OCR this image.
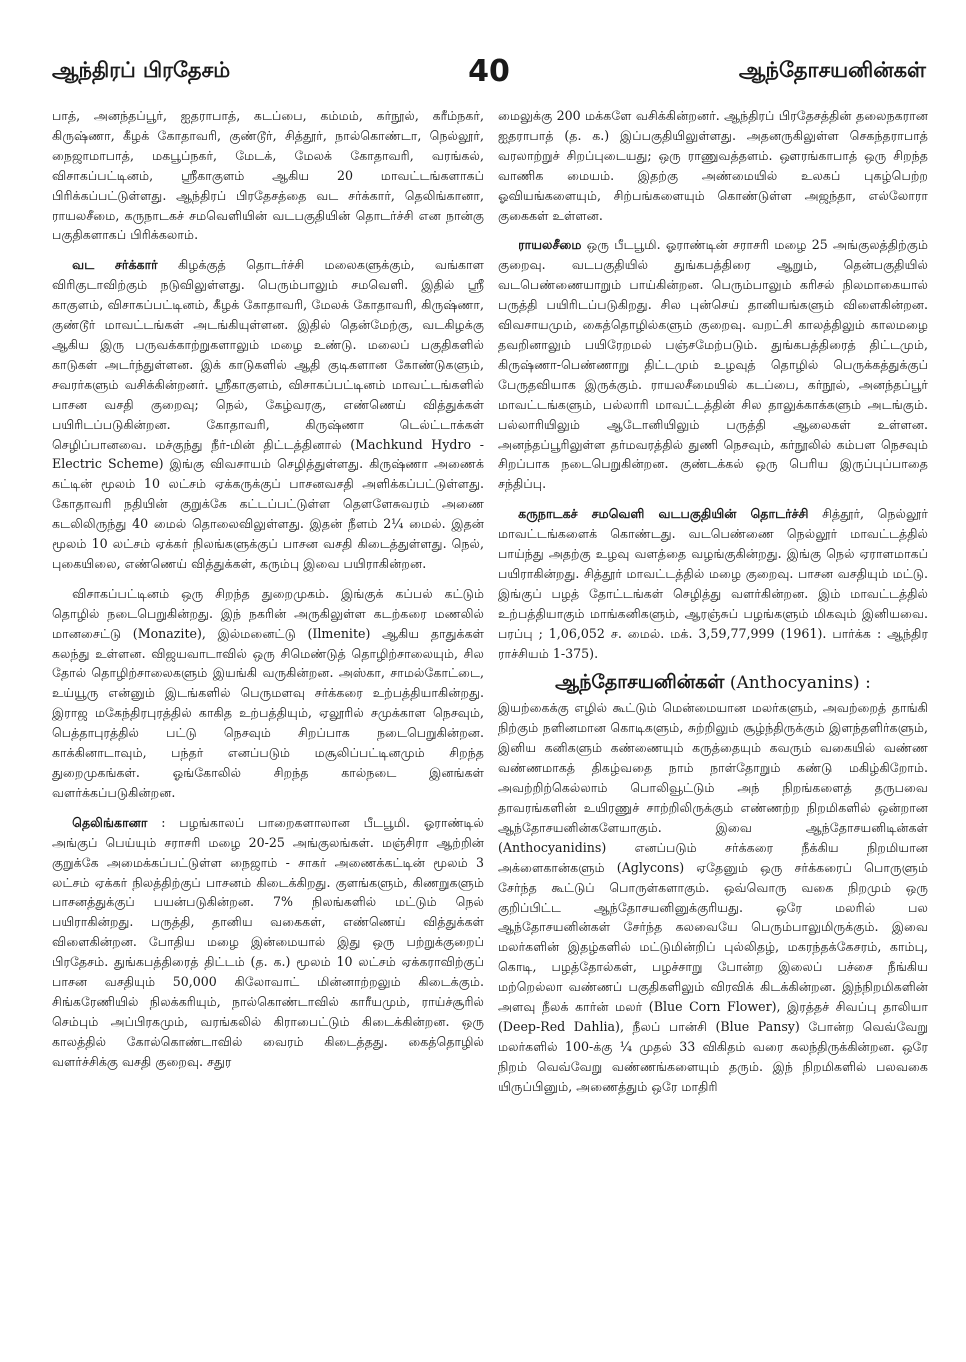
ஆந்திரப் பிரதேசம்	40	ஆந்தோசயனின்கள்

பாத், அனந்தப்பூர், ஐதராபாத், கடப்பை, கம்மம், கர்நூல், கரீம்நகர், கிருஷ்ணா, கீழக் கோதாவரி, குண்டூர், சித்தூர், நால்கொண்டா, நெல்லூர், நைஜாமாபாத், மகபூப்நகர், மேடக், மேலக் கோதாவரி, வரங்கல், விசாகப்பட்டினம், ஸ்ரீகாகுளம் ஆகிய 20 மாவட்டங்களாகப் பிரிக்கப்பட்டுள்ளது. ஆந்திரப் பிரதேசத்தை வட சர்க்கார், தெலிங்கானா, ராயலசீமை, கருநாடகச் சமவெளியின் வடபகுதியின் தொடர்ச்சி என நான்கு பகுதிகளாகப் பிரிக்கலாம்.

வட சர்க்கார் கிழக்குத் தொடர்ச்சி மலைகளுக்கும், வங்காள விரிகுடாவிற்கும் நடுவிலுள்ளது. பெரும்பாலும் சமவெளி. இதில் ஸ்ரீ காகுளம், விசாகப்பட்டினம், கீழக் கோதாவரி, மேலக் கோதாவரி, கிருஷ்ணா, குண்டூர் மாவட்டங்கள் அடங்கியுள்ளன. இதில் தென்மேற்கு, வடகிழக்கு ஆகிய இரு பருவக்காற்றுகளாலும் மழை உண்டு. மலைப் பகுதிகளில் காடுகள் அடர்ந்துள்ளன. இக் காடுகளில் ஆதி குடிகளான கோண்டுகளும், சவரர்களும் வசிக்கின்றனர். ஸ்ரீகாகுளம், விசாகப்பட்டினம் மாவட்டங்களில் பாசன வசதி குறைவு; நெல், கேழ்வரகு, எண்ணெய் வித்துக்கள் பயிரிடப்படுகின்றன. கோதாவரி, கிருஷ்ணா டெல்ட்டாக்கள் செழிப்பானவை. மச்குந்து நீர்-மின் திட்டத்தினால் (Machkund Hydro - Electric Scheme) இங்கு விவசாயம் செழித்துள்ளது. கிருஷ்ணா அணைக் கட்டின் மூலம் 10 லட்சம் ஏக்கருக்குப் பாசனவசதி அளிக்கப்பட்டுள்ளது. கோதாவரி நதியின் குறுக்கே கட்டப்பட்டுள்ள தௌளேசுவரம் அணை கடலிலிருந்து 40 மைல் தொலைவிலுள்ளது. இதன் நீளம் 2¼ மைல். இதன் மூலம் 10 லட்சம் ஏக்கர் நிலங்களுக்குப் பாசன வசதி கிடைத்துள்ளது. நெல், புகையிலை, எண்ணெய் வித்துக்கள், கரும்பு இவை பயிராகின்றன.

விசாகப்பட்டினம் ஒரு சிறந்த துறைமுகம். இங்குக் கப்பல் கட்டும் தொழில் நடைபெறுகின்றது. இந் நகரின் அருகிலுள்ள கடற்கரை மணலில் மானசைட்டு (Monazite), இல்மனைட்டு (Ilmenite) ஆகிய தாதுக்கள் கலந்து உள்ளன. விஜயவாடாவில் ஒரு சிமெண்டுத் தொழிற்சாலையும், சில தோல் தொழிற்சாலைகளும் இயங்கி வருகின்றன. அஸ்கா, சாமல்கோட்டை, உய்யூரு என்னும் இடங்களில் பெருமளவு சர்க்கரை உற்பத்தியாகின்றது. இராஜ மகேந்திரபுரத்தில் காகித உற்பத்தியும், ஏலூரில் சமுக்காள நெசவும், பெத்தாபுரத்தில் பட்டு நெசவும் சிறப்பாக நடைபெறுகின்றன. காக்கினாடாவும், பந்தர் எனப்படும் மசூலிப்பட்டினமும் சிறந்த துறைமுகங்கள். ஓங்கோலில் சிறந்த கால்நடை இனங்கள் வளர்க்கப்படுகின்றன.

தெலிங்கானா : பழங்காலப் பாறைகளாலான பீடபூமி. ஓராண்டில் அங்குப் பெய்யும் சராசரி மழை 20-25 அங்குலங்கள். மஞ்சிரா ஆற்றின் குறுக்கே அமைக்கப்பட்டுள்ள நைஜாம் - சாகர் அணைக்கட்டின் மூலம் 3 லட்சம் ஏக்கர் நிலத்திற்குப் பாசனம் கிடைக்கிறது. குளங்களும், கிணறுகளும் பாசனத்துக்குப் பயன்படுகின்றன. 7% நிலங்களில் மட்டும் நெல் பயிராகின்றது. பருத்தி, தானிய வகைகள், எண்ணெய் வித்துக்கள் விளைகின்றன. போதிய மழை இன்மையால் இது ஒரு பற்றுக்குறைப் பிரதேசம். துங்கபத்திரைத் திட்டம் (த. க.) மூலம் 10 லட்சம் ஏக்கராவிற்குப் பாசன வசதியும் 50,000 கிலோவாட் மின்னாற்றலும் கிடைக்கும். சிங்கரேணியில் நிலக்கரியும், நால்கொண்டாவில் காரீயமும், ராய்ச்சூரில் செம்பும் அப்பிரகமும், வரங்கலில் கிராபைட்டும் கிடைக்கின்றன. ஒரு காலத்தில் கோல்கொண்டாவில் வைரம் கிடைத்தது. கைத்தொழில் வளர்ச்சிக்கு வசதி குறைவு. சதுர

மைலுக்கு 200 மக்களே வசிக்கின்றனர். ஆந்திரப் பிரதேசத்தின் தலைநகரான ஐதராபாத் (த. க.) இப்பகுதியிலுள்ளது. அதனருகிலுள்ள செகந்தராபாத் வரலாற்றுச் சிறப்புடையது; ஒரு ராணுவத்தளம். ஔரங்காபாத் ஒரு சிறந்த வாணிக மையம். இதற்கு அண்மையில் உலகப் புகழ்பெற்ற ஓவியங்களையும், சிற்பங்களையும் கொண்டுள்ள அஜந்தா, எல்லோரா குகைகள் உள்ளன.

ராயலசீமை ஒரு பீடபூமி. ஓராண்டின் சராசரி மழை 25 அங்குலத்திற்கும் குறைவு. வடபகுதியில் துங்கபத்திரை ஆறும், தென்பகுதியில் வடபெண்ணையாறும் பாய்கின்றன. பெரும்பாலும் கரிசல் நிலமாகையால் பருத்தி பயிரிடப்படுகிறது. சில புன்செய் தானியங்களும் விளைகின்றன. விவசாயமும், கைத்தொழில்களும் குறைவு. வறட்சி காலத்திலும் காலமழை தவறினாலும் பயிரேறமல் பஞ்சமேற்படும். துங்கபத்திரைத் திட்டமும், கிருஷ்ணா-பெண்ணாறு திட்டமும் உழவுத் தொழில் பெருக்கத்துக்குப் பேருதவியாக இருக்கும். ராயலசீமையில் கடப்பை, கர்நூல், அனந்தப்பூர் மாவட்டங்களும், பல்லாரி மாவட்டத்தின் சில தாலுக்காக்களும் அடங்கும். பல்லாரியிலும் ஆடோனியிலும் பருத்தி ஆலைகள் உள்ளன. அனந்தப்பூரிலுள்ள தர்மவரத்தில் துணி நெசவும், கர்நூலில் கம்பள நெசவும் சிறப்பாக நடைபெறுகின்றன. குண்டக்கல் ஒரு பெரிய இருப்புப்பாதை சந்திப்பு.

கருநாடகச் சமவெளி வடபகுதியின் தொடர்ச்சி சித்தூர், நெல்லூர் மாவட்டங்களைக் கொண்டது. வடபெண்ணை நெல்லூர் மாவட்டத்தில் பாய்ந்து அதற்கு உழவு வளத்தை வழங்குகின்றது. இங்கு நெல் ஏராளமாகப் பயிராகின்றது. சித்தூர் மாவட்டத்தில் மழை குறைவு. பாசன வசதியும் மட்டு. இங்குப் பழத் தோட்டங்கள் செழித்து வளர்கின்றன. இம் மாவட்டத்தில் உற்பத்தியாகும் மாங்கனிகளும், ஆரஞ்சுப் பழங்களும் மிகவும் இனியவை. பரப்பு ; 1,06,052 ச. மைல். மக். 3,59,77,999 (1961). பார்க்க : ஆந்திர ராச்சியம் 1-375).

ஆந்தோசயனின்கள் (Anthocyanins) :

இயற்கைக்கு எழில் கூட்டும் மென்மையான மலர்களும், அவற்றைத் தாங்கி நிற்கும் நளினமான கொடிகளும், சுற்றிலும் சூழ்ந்திருக்கும் இளந்தளிர்களும், இனிய கனிகளும் கண்ணையும் கருத்தையும் கவரும் வகையில் வண்ண வண்ணமாகத் திகழ்வதை நாம் நாள்தோறும் கண்டு மகிழ்கிறோம். அவற்றிற்கெல்லாம் பொலிவூட்டும் அந் நிறங்களைத் தருபவை தாவரங்களின் உயிரணுச் சாற்றிலிருக்கும் எண்ணற்ற நிறமிகளில் ஒன்றான ஆந்தோசயனின்களேயாகும். இவை ஆந்தோசயனிடின்கள் (Anthocyanidins) எனப்படும் சர்க்கரை நீக்கிய நிறமியான அக்ளைகான்களும் (Aglycons) ஏதேனும் ஒரு சர்க்கரைப் பொருளும் சேர்ந்த கூட்டுப் பொருள்களாகும். ஒவ்வொரு வகை நிறமும் ஒரு குறிப்பிட்ட ஆந்தோசயனினுக்குரியது. ஒரே மலரில் பல ஆந்தோசயனின்கள் சேர்ந்த கலவையே பெரும்பாலுமிருக்கும். இவை மலர்களின் இதழ்களில் மட்டுமின்றிப் புல்லிதழ், மகரந்தக்கேசரம், காம்பு, கொடி, பழத்தோல்கள், பழச்சாறு போன்ற இலைப் பச்சை நீங்கிய மற்றெல்லா வண்ணப் பகுதிகளிலும் விரவிக் கிடக்கின்றன. இந்நிறமிகளின் அளவு நீலக் கார்ன் மலர் (Blue Corn Flower), இரத்தச் சிவப்பு தாலியா (Deep-Red Dahlia), நீலப் பான்சி (Blue Pansy) போன்ற வெவ்வேறு மலர்களில் 100-க்கு ¼ முதல் 33 விகிதம் வரை கலந்திருக்கின்றன. ஒரே நிறம் வெவ்வேறு வண்ணங்களையும் தரும். இந் நிறமிகளில் பலவகை யிருப்பினும், அணைத்தும் ஒரே மாதிரி
